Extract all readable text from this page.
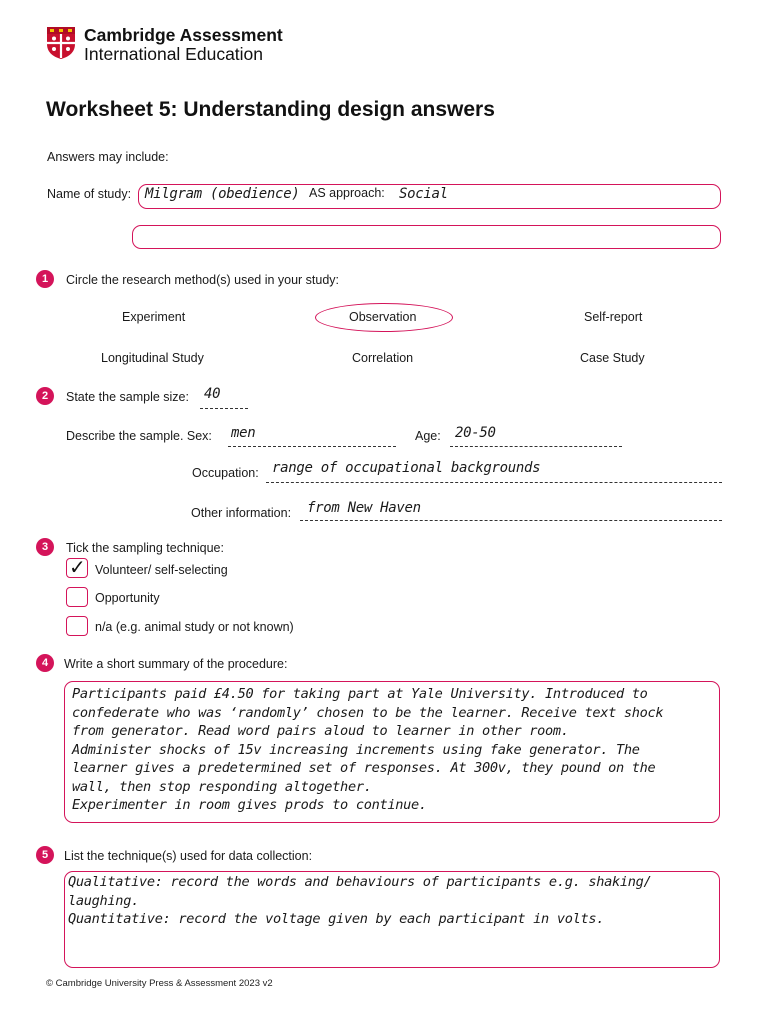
Cambridge Assessment
International Education
Worksheet 5: Understanding design answers
Answers may include:
Name of study: Milgram (obedience) AS approach: Social
1	Circle the research method(s) used in your study:
Experiment	Observation	Self-report
Longitudinal Study	Correlation	Case Study
2	State the sample size: 40
Describe the sample. Sex: men	Age: 20-50
Occupation: range of occupational backgrounds
Other information: from New Haven
3	Tick the sampling technique:
✓ Volunteer/ self-selecting
Opportunity
n/a (e.g. animal study or not known)
4	Write a short summary of the procedure:
Participants paid £4.50 for taking part at Yale University. Introduced to
confederate who was ‘randomly’ chosen to be the learner. Receive text shock
from generator. Read word pairs aloud to learner in other room.
Administer shocks of 15v increasing increments using fake generator. The
learner gives a predetermined set of responses. At 300v, they pound on the
wall, then stop responding altogether.
Experimenter in room gives prods to continue.
5	List the technique(s) used for data collection:
Qualitative: record the words and behaviours of participants e.g. shaking/
laughing.
Quantitative: record the voltage given by each participant in volts.
© Cambridge University Press & Assessment 2023 v2
